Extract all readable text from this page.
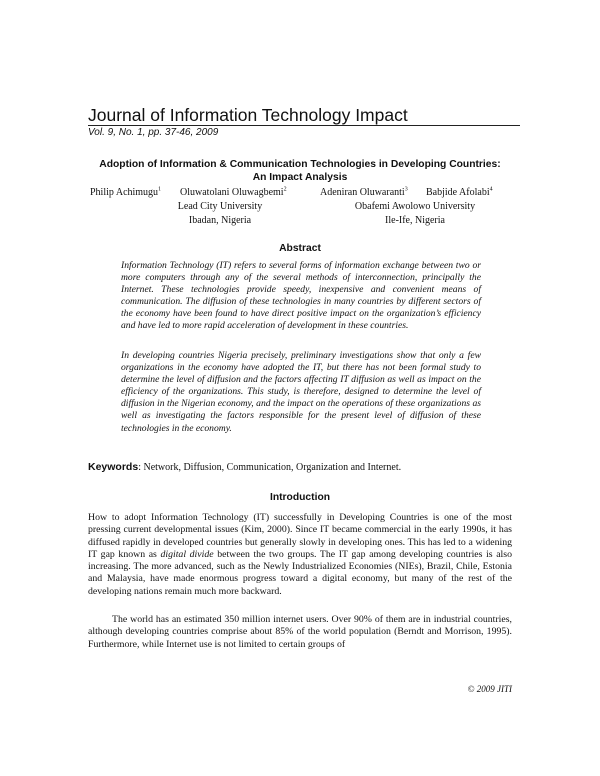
Journal of Information Technology Impact
Vol. 9, No. 1, pp. 37-46, 2009
Adoption of Information & Communication Technologies in Developing Countries:
An Impact Analysis
Philip Achimugu$^1$ Oluwatolani Oluwagbemi$^2$	Adeniran Oluwaranti$^3$ Babjide Afolabi$^4$
Lead City University
Ibadan, Nigeria
Obafemi Awolowo University
Ile-Ife, Nigeria
Abstract

Information Technology (IT) refers to several forms of information exchange between two or more computers through any of the several methods of interconnection, principally the Internet. These technologies provide speedy, inexpensive and convenient means of communication. The diffusion of these technologies in many countries by different sectors of the economy have been found to have direct positive impact on the organization’s efficiency and have led to more rapid acceleration of development in these countries.

In developing countries Nigeria precisely, preliminary investigations show that only a few organizations in the economy have adopted the IT, but there has not been formal study to determine the level of diffusion and the factors affecting IT diffusion as well as impact on the efficiency of the organizations. This study, is therefore, designed to determine the level of diffusion in the Nigerian economy, and the impact on the operations of these organizations as well as investigating the factors responsible for the present level of diffusion of these technologies in the economy.

Keywords: Network, Diffusion, Communication, Organization and Internet.
Introduction

How to adopt Information Technology (IT) successfully in Developing Countries is one of the most pressing current developmental issues (Kim, 2000). Since IT became commercial in the early 1990s, it has diffused rapidly in developed countries but generally slowly in developing ones. This has led to a widening IT gap known as digital divide between the two groups. The IT gap among developing countries is also increasing. The more advanced, such as the Newly Industrialized Economies (NIEs), Brazil, Chile, Estonia and Malaysia, have made enormous progress toward a digital economy, but many of the rest of the developing nations remain much more backward.

The world has an estimated 350 million internet users. Over 90% of them are in industrial countries, although developing countries comprise about 85% of the world population (Berndt and Morrison, 1995). Furthermore, while Internet use is not limited to certain groups of

© 2009 JITI
